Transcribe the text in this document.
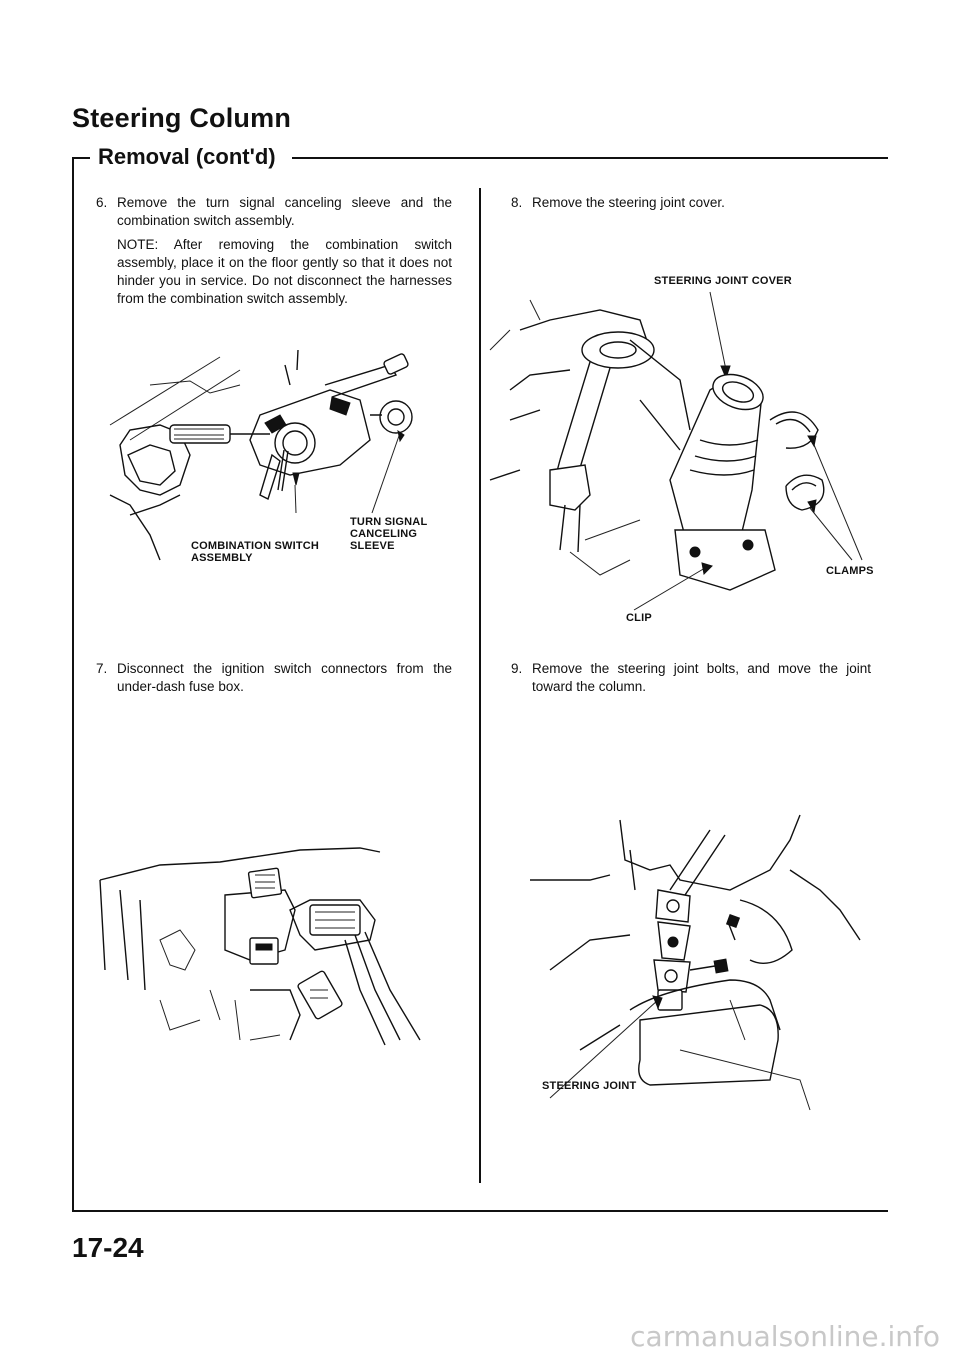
Steering Column
Removal (cont'd)
6. Remove the turn signal canceling sleeve and the combination switch assembly.
NOTE: After removing the combination switch assembly, place it on the floor gently so that it does not hinder you in service. Do not disconnect the harnesses from the combination switch assembly.
COMBINATION SWITCH
ASSEMBLY
TURN SIGNAL
CANCELING
SLEEVE
7. Disconnect the ignition switch connectors from the under-dash fuse box.
8. Remove the steering joint cover.
STEERING JOINT COVER
CLAMPS
CLIP
9. Remove the steering joint bolts, and move the joint toward the column.
STEERING JOINT
17-24
carmanualsonline.info
